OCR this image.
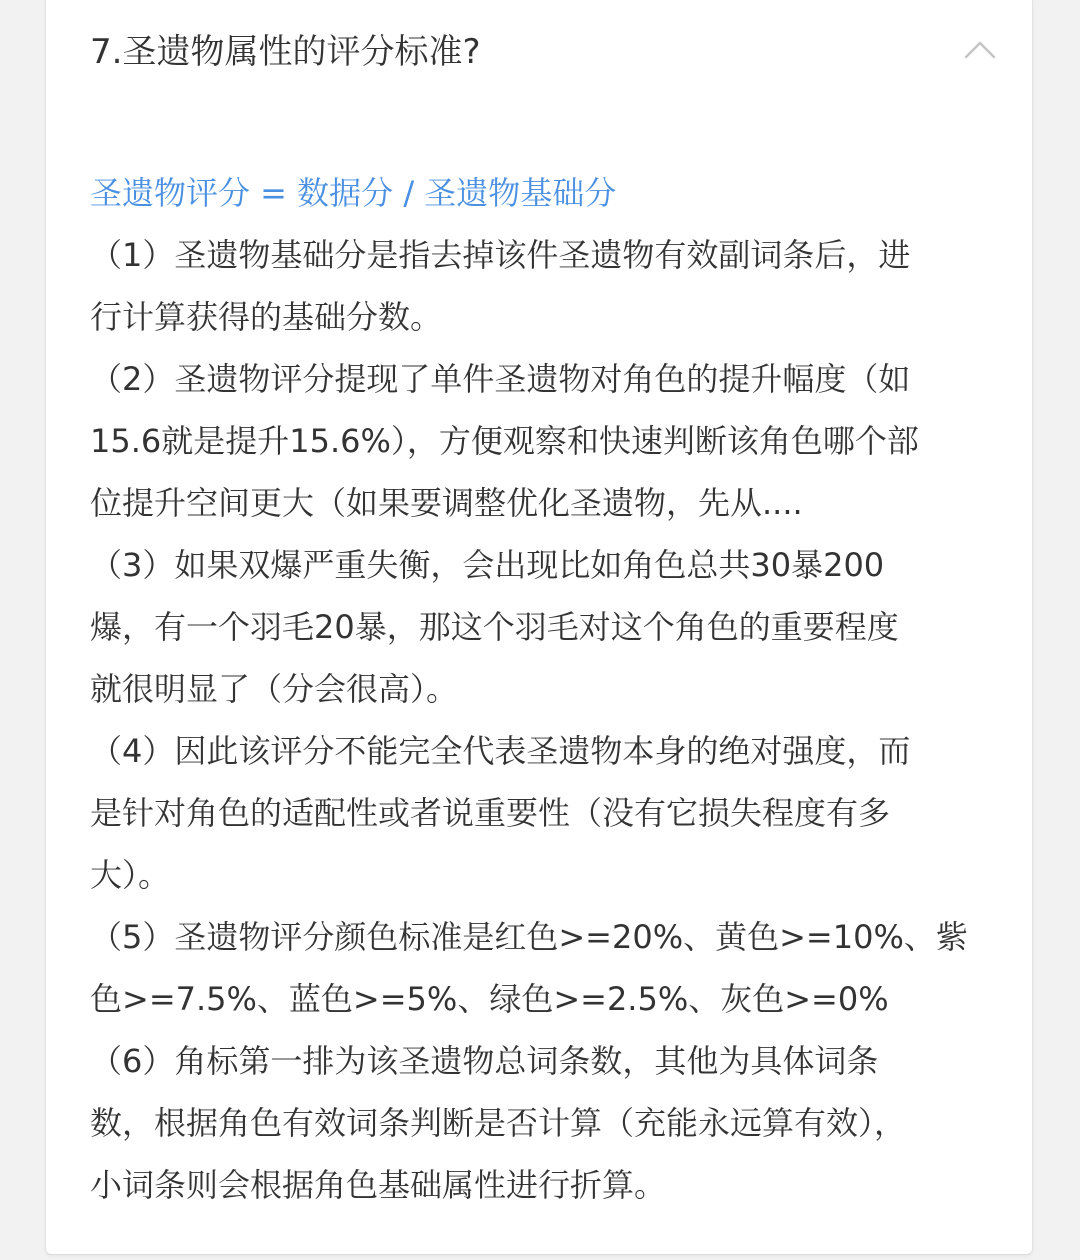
7.圣遗物属性的评分标准?
圣遗物评分 = 数据分 / 圣遗物基础分
（1）圣遗物基础分是指去掉该件圣遗物有效副词条后，进
行计算获得的基础分数。
（2）圣遗物评分提现了单件圣遗物对角色的提升幅度（如
15.6就是提升15.6%），方便观察和快速判断该角色哪个部
位提升空间更大（如果要调整优化圣遗物，先从....
（3）如果双爆严重失衡，会出现比如角色总共30暴200
爆，有一个羽毛20暴，那这个羽毛对这个角色的重要程度
就很明显了（分会很高）。
（4）因此该评分不能完全代表圣遗物本身的绝对强度，而
是针对角色的适配性或者说重要性（没有它损失程度有多
大）。
（5）圣遗物评分颜色标准是红色>=20%、黄色>=10%、紫
色>=7.5%、蓝色>=5%、绿色>=2.5%、灰色>=0%
（6）角标第一排为该圣遗物总词条数，其他为具体词条
数，根据角色有效词条判断是否计算（充能永远算有效），
小词条则会根据角色基础属性进行折算。
